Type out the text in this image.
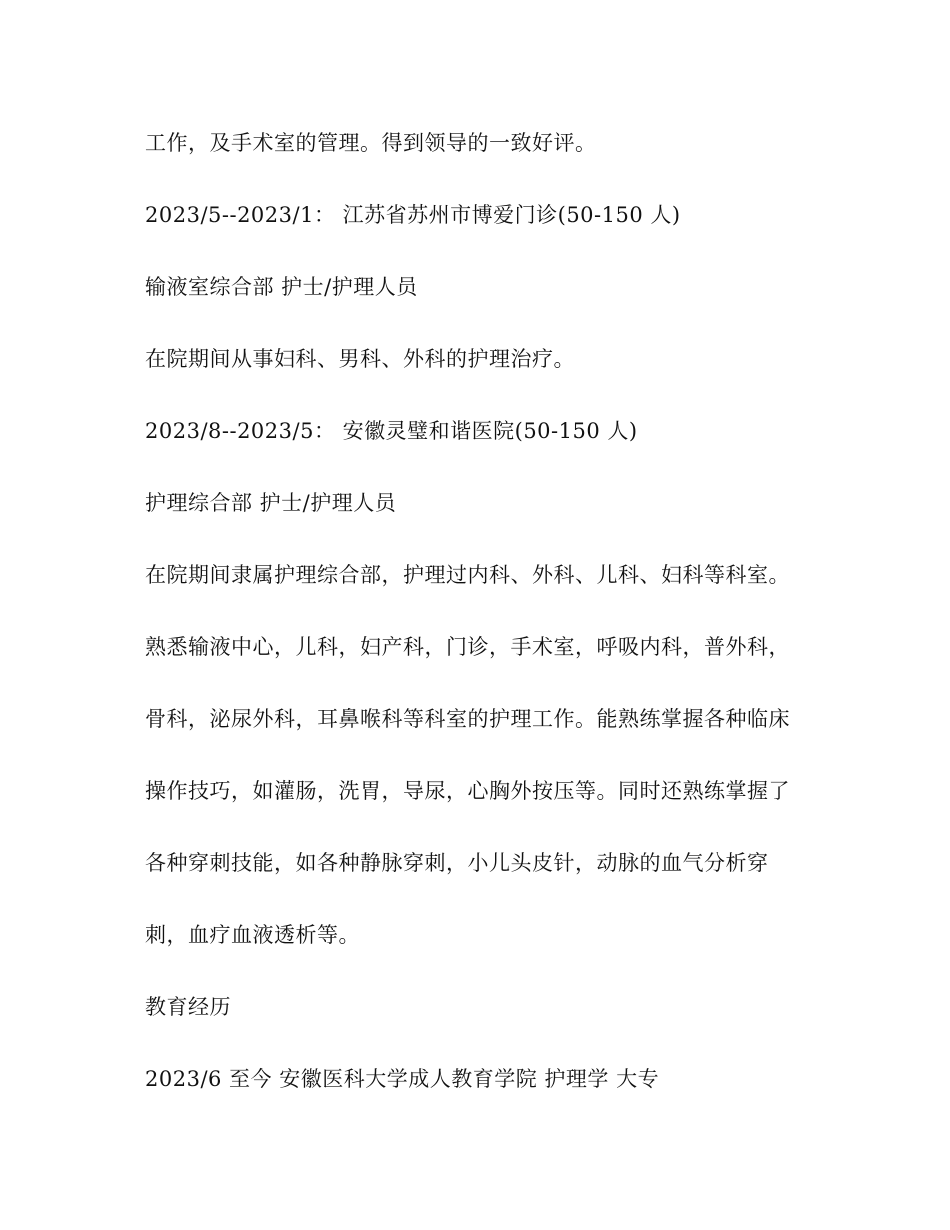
工作，及手术室的管理。得到领导的一致好评。
2023/5--2023/1： 江苏省苏州市博爱门诊(50-150 人)
输液室综合部 护士/护理人员
在院期间从事妇科、男科、外科的护理治疗。
2023/8--2023/5： 安徽灵璧和谐医院(50-150 人)
护理综合部 护士/护理人员
在院期间隶属护理综合部，护理过内科、外科、儿科、妇科等科室。
熟悉输液中心，儿科，妇产科，门诊，手术室，呼吸内科，普外科，
骨科，泌尿外科，耳鼻喉科等科室的护理工作。能熟练掌握各种临床
操作技巧，如灌肠，洗胃，导尿，心胸外按压等。同时还熟练掌握了
各种穿刺技能，如各种静脉穿刺，小儿头皮针，动脉的血气分析穿
刺，血疗血液透析等。
教育经历
2023/6 至今 安徽医科大学成人教育学院 护理学 大专
